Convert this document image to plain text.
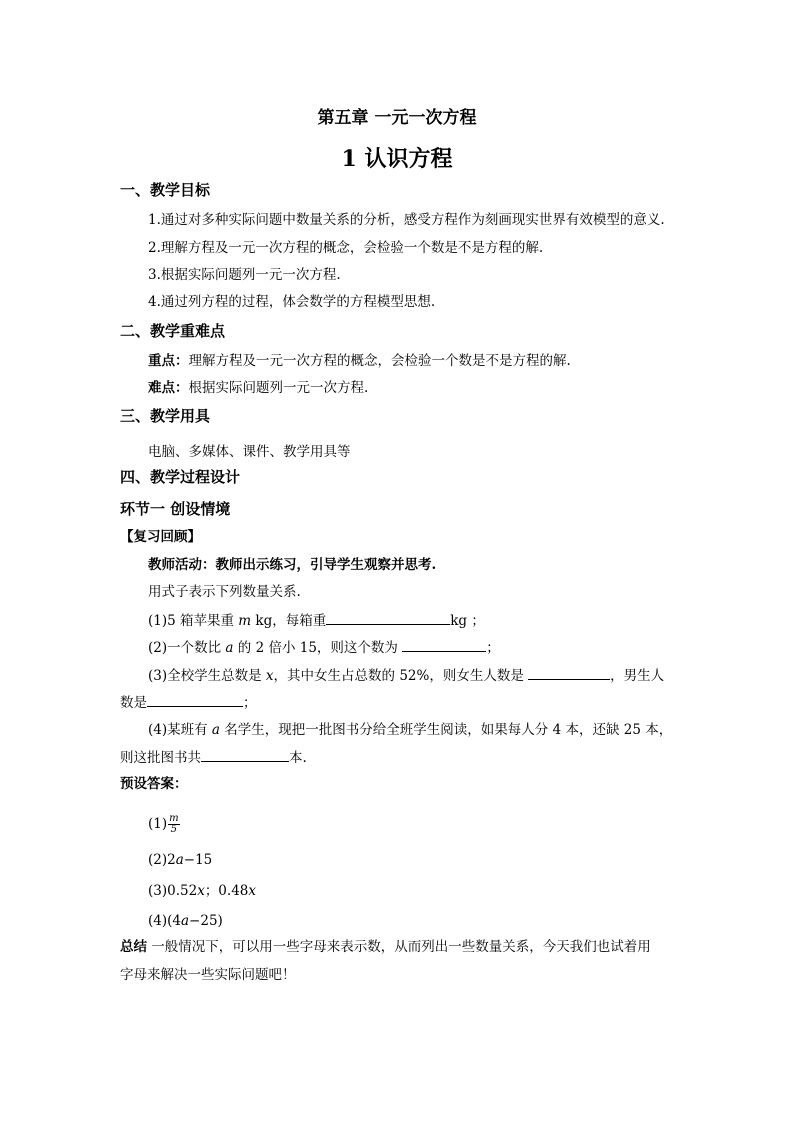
第五章 一元一次方程
1 认识方程
一、教学目标
1.通过对多种实际问题中数量关系的分析，感受方程作为刻画现实世界有效模型的意义.
2.理解方程及一元一次方程的概念，会检验一个数是不是方程的解.
3.根据实际问题列一元一次方程.
4.通过列方程的过程，体会数学的方程模型思想.
二、教学重难点
重点：理解方程及一元一次方程的概念，会检验一个数是不是方程的解.
难点：根据实际问题列一元一次方程.
三、教学用具
电脑、多媒体、课件、教学用具等
四、教学过程设计
环节一 创设情境
【复习回顾】
教师活动：教师出示练习，引导学生观察并思考.
用式子表示下列数量关系.
(1)5 箱苹果重 m kg，每箱重	kg ；
(2)一个数比 a 的 2 倍小 15，则这个数为	；
(3)全校学生总数是 x，其中女生占总数的 52%，则女生人数是	，男生人
数是	；
(4)某班有 a 名学生，现把一批图书分给全班学生阅读，如果每人分 4 本，还缺 25 本，
则这批图书共	本.
预设答案：
$(1) \frac{m}{5}$
(2)2a−15
(3)0.52x；0.48x
(4)(4a−25)
总结 一般情况下，可以用一些字母来表示数，从而列出一些数量关系，今天我们也试着用
字母来解决一些实际问题吧！
